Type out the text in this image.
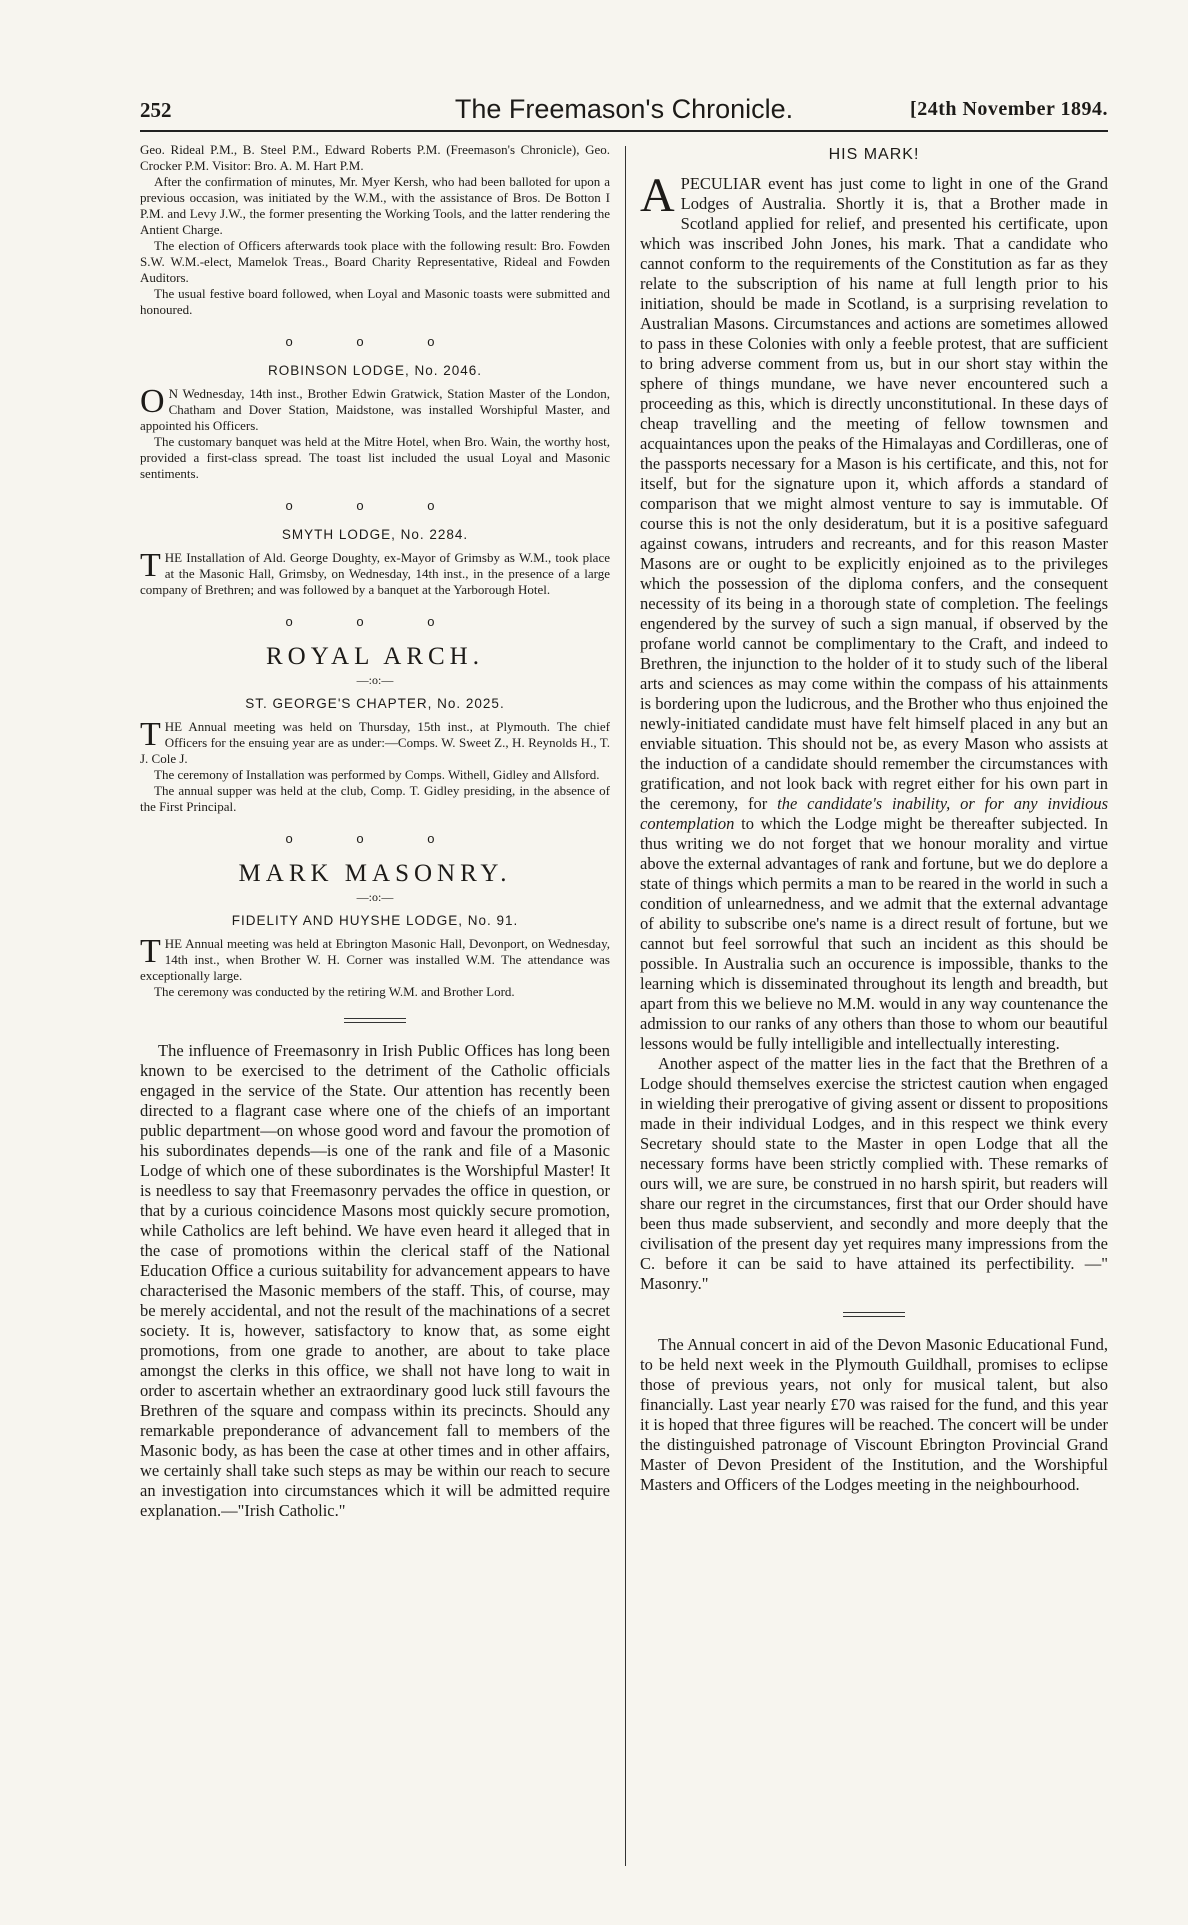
252	The Freemason's Chronicle.	[24th November 1894.

Geo. Rideal P.M., B. Steel P.M., Edward Roberts P.M. (Freemason's Chronicle), Geo. Crocker P.M. Visitor: Bro. A. M. Hart P.M.

After the confirmation of minutes, Mr. Myer Kersh, who had been balloted for upon a previous occasion, was initiated by the W.M., with the assistance of Bros. De Botton I P.M. and Levy J.W., the former presenting the Working Tools, and the latter rendering the Antient Charge.

The election of Officers afterwards took place with the following result: Bro. Fowden S.W. W.M.-elect, Mamelok Treas., Board Charity Representative, Rideal and Fowden Auditors.

The usual festive board followed, when Loyal and Masonic toasts were submitted and honoured.

o o o
ROBINSON LODGE, No. 2046.

O N Wednesday, 14th inst., Brother Edwin Gratwick, Station Master of the London, Chatham and Dover Station, Maidstone, was installed Worshipful Master, and appointed his Officers.

The customary banquet was held at the Mitre Hotel, when Bro. Wain, the worthy host, provided a first-class spread. The toast list included the usual Loyal and Masonic sentiments.

o o o
SMYTH LODGE, No. 2284.

THE Installation of Ald. George Doughty, ex-Mayor of Grimsby as W.M., took place at the Masonic Hall, Grimsby, on Wednesday, 14th inst., in the presence of a large company of Brethren; and was followed by a banquet at the Yarborough Hotel.

o o o
ROYAL ARCH.
—:o:—
ST. GEORGE'S CHAPTER, No. 2025.

THE Annual meeting was held on Thursday, 15th inst., at Plymouth. The chief Officers for the ensuing year are as under:—Comps. W. Sweet Z., H. Reynolds H., T. J. Cole J.

The ceremony of Installation was performed by Comps. Withell, Gidley and Allsford.

The annual supper was held at the club, Comp. T. Gidley presiding, in the absence of the First Principal.

o o o
MARK MASONRY.
—:o:—
FIDELITY AND HUYSHE LODGE, No. 91.

THE Annual meeting was held at Ebrington Masonic Hall, Devonport, on Wednesday, 14th inst., when Brother W. H. Corner was installed W.M. The attendance was exceptionally large.

The ceremony was conducted by the retiring W.M. and Brother Lord.

The influence of Freemasonry in Irish Public Offices has long been known to be exercised to the detriment of the Catholic officials engaged in the service of the State. Our attention has recently been directed to a flagrant case where one of the chiefs of an important public department—on whose good word and favour the promotion of his subordinates depends—is one of the rank and file of a Masonic Lodge of which one of these subordinates is the Worshipful Master! It is needless to say that Freemasonry pervades the office in question, or that by a curious coincidence Masons most quickly secure promotion, while Catholics are left behind. We have even heard it alleged that in the case of promotions within the clerical staff of the National Education Office a curious suitability for advancement appears to have characterised the Masonic members of the staff. This, of course, may be merely accidental, and not the result of the machinations of a secret society. It is, however, satisfactory to know that, as some eight promotions, from one grade to another, are about to take place amongst the clerks in this office, we shall not have long to wait in order to ascertain whether an extraordinary good luck still favours the Brethren of the square and compass within its precincts. Should any remarkable preponderance of advancement fall to members of the Masonic body, as has been the case at other times and in other affairs, we certainly shall take such steps as may be within our reach to secure an investigation into circumstances which it will be admitted require explanation.—"Irish Catholic."

HIS MARK!

APECULIAR event has just come to light in one of the Grand Lodges of Australia. Shortly it is, that a Brother made in Scotland applied for relief, and presented his certificate, upon which was inscribed John Jones, his mark. That a candidate who cannot conform to the requirements of the Constitution as far as they relate to the subscription of his name at full length prior to his initiation, should be made in Scotland, is a surprising revelation to Australian Masons. Circumstances and actions are sometimes allowed to pass in these Colonies with only a feeble protest, that are sufficient to bring adverse comment from us, but in our short stay within the sphere of things mundane, we have never encountered such a proceeding as this, which is directly unconstitutional. In these days of cheap travelling and the meeting of fellow townsmen and acquaintances upon the peaks of the Himalayas and Cordilleras, one of the passports necessary for a Mason is his certificate, and this, not for itself, but for the signature upon it, which affords a standard of comparison that we might almost venture to say is immutable. Of course this is not the only desideratum, but it is a positive safeguard against cowans, intruders and recreants, and for this reason Master Masons are or ought to be explicitly enjoined as to the privileges which the possession of the diploma confers, and the consequent necessity of its being in a thorough state of completion. The feelings engendered by the survey of such a sign manual, if observed by the profane world cannot be complimentary to the Craft, and indeed to Brethren, the injunction to the holder of it to study such of the liberal arts and sciences as may come within the compass of his attainments is bordering upon the ludicrous, and the Brother who thus enjoined the newly-initiated candidate must have felt himself placed in any but an enviable situation. This should not be, as every Mason who assists at the induction of a candidate should remember the circumstances with gratification, and not look back with regret either for his own part in the ceremony, for the candidate's inability, or for any invidious contemplation to which the Lodge might be thereafter subjected. In thus writing we do not forget that we honour morality and virtue above the external advantages of rank and fortune, but we do deplore a state of things which permits a man to be reared in the world in such a condition of unlearnedness, and we admit that the external advantage of ability to subscribe one's name is a direct result of fortune, but we cannot but feel sorrowful that such an incident as this should be possible. In Australia such an occurence is impossible, thanks to the learning which is disseminated throughout its length and breadth, but apart from this we believe no M.M. would in any way countenance the admission to our ranks of any others than those to whom our beautiful lessons would be fully intelligible and intellectually interesting.

Another aspect of the matter lies in the fact that the Brethren of a Lodge should themselves exercise the strictest caution when engaged in wielding their prerogative of giving assent or dissent to propositions made in their individual Lodges, and in this respect we think every Secretary should state to the Master in open Lodge that all the necessary forms have been strictly complied with. These remarks of ours will, we are sure, be construed in no harsh spirit, but readers will share our regret in the circumstances, first that our Order should have been thus made subservient, and secondly and more deeply that the civilisation of the present day yet requires many impressions from the C. before it can be said to have attained its perfectibility. —" Masonry."

The Annual concert in aid of the Devon Masonic Educational Fund, to be held next week in the Plymouth Guildhall, promises to eclipse those of previous years, not only for musical talent, but also financially. Last year nearly £70 was raised for the fund, and this year it is hoped that three figures will be reached. The concert will be under the distinguished patronage of Viscount Ebrington Provincial Grand Master of Devon President of the Institution, and the Worshipful Masters and Officers of the Lodges meeting in the neighbourhood.
